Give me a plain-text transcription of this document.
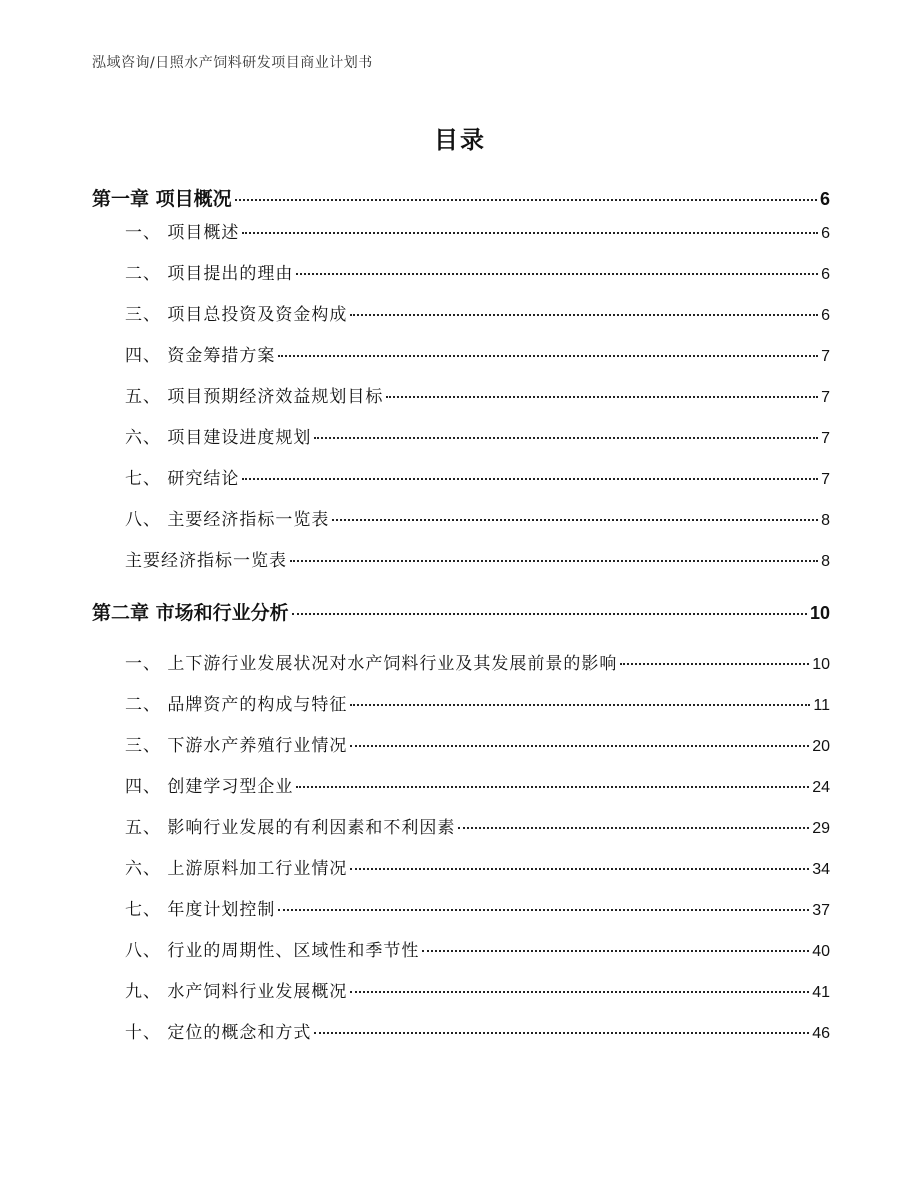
泓域咨询/日照水产饲料研发项目商业计划书
目录
第一章 项目概况	6
一、 项目概述	6
二、 项目提出的理由	6
三、 项目总投资及资金构成	6
四、 资金筹措方案	7
五、 项目预期经济效益规划目标	7
六、 项目建设进度规划	7
七、 研究结论	7
八、 主要经济指标一览表	8
主要经济指标一览表	8
第二章 市场和行业分析	10
一、 上下游行业发展状况对水产饲料行业及其发展前景的影响	10
二、 品牌资产的构成与特征	11
三、 下游水产养殖行业情况	20
四、 创建学习型企业	24
五、 影响行业发展的有利因素和不利因素	29
六、 上游原料加工行业情况	34
七、 年度计划控制	37
八、 行业的周期性、区域性和季节性	40
九、 水产饲料行业发展概况	41
十、 定位的概念和方式	46
